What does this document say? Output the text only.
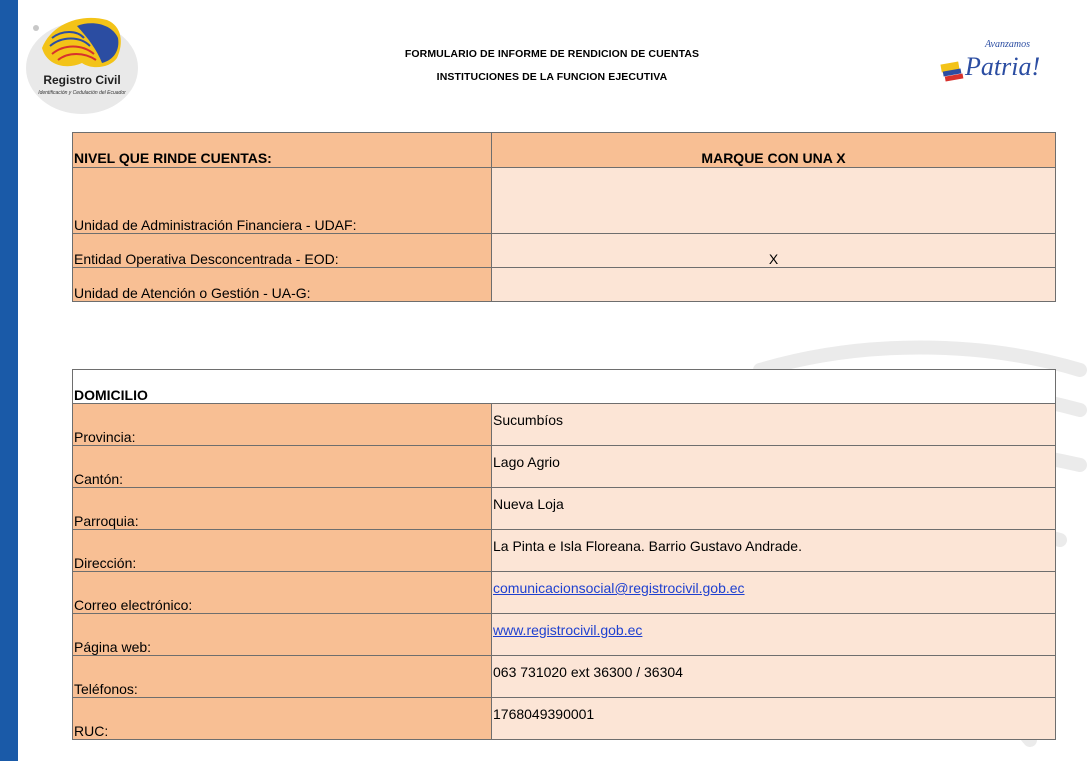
Registro Civil
Identificación y Cedulación del Ecuador
Avanzamos
Patria!
FORMULARIO DE INFORME DE RENDICION DE CUENTAS
INSTITUCIONES DE LA FUNCION EJECUTIVA
NIVEL QUE RINDE CUENTAS:	MARQUE CON UNA X
Unidad de Administración Financiera - UDAF:	
Entidad Operativa Desconcentrada - EOD:	X
Unidad de Atención o Gestión - UA-G:	
DOMICILIO	
Provincia:	Sucumbíos
Cantón:	Lago Agrio
Parroquia:	Nueva Loja
Dirección:	La Pinta e Isla Floreana. Barrio Gustavo Andrade.
Correo electrónico:	comunicacionsocial@registrocivil.gob.ec
Página web:	www.registrocivil.gob.ec
Teléfonos:	063 731020 ext 36300 / 36304
RUC:	1768049390001
